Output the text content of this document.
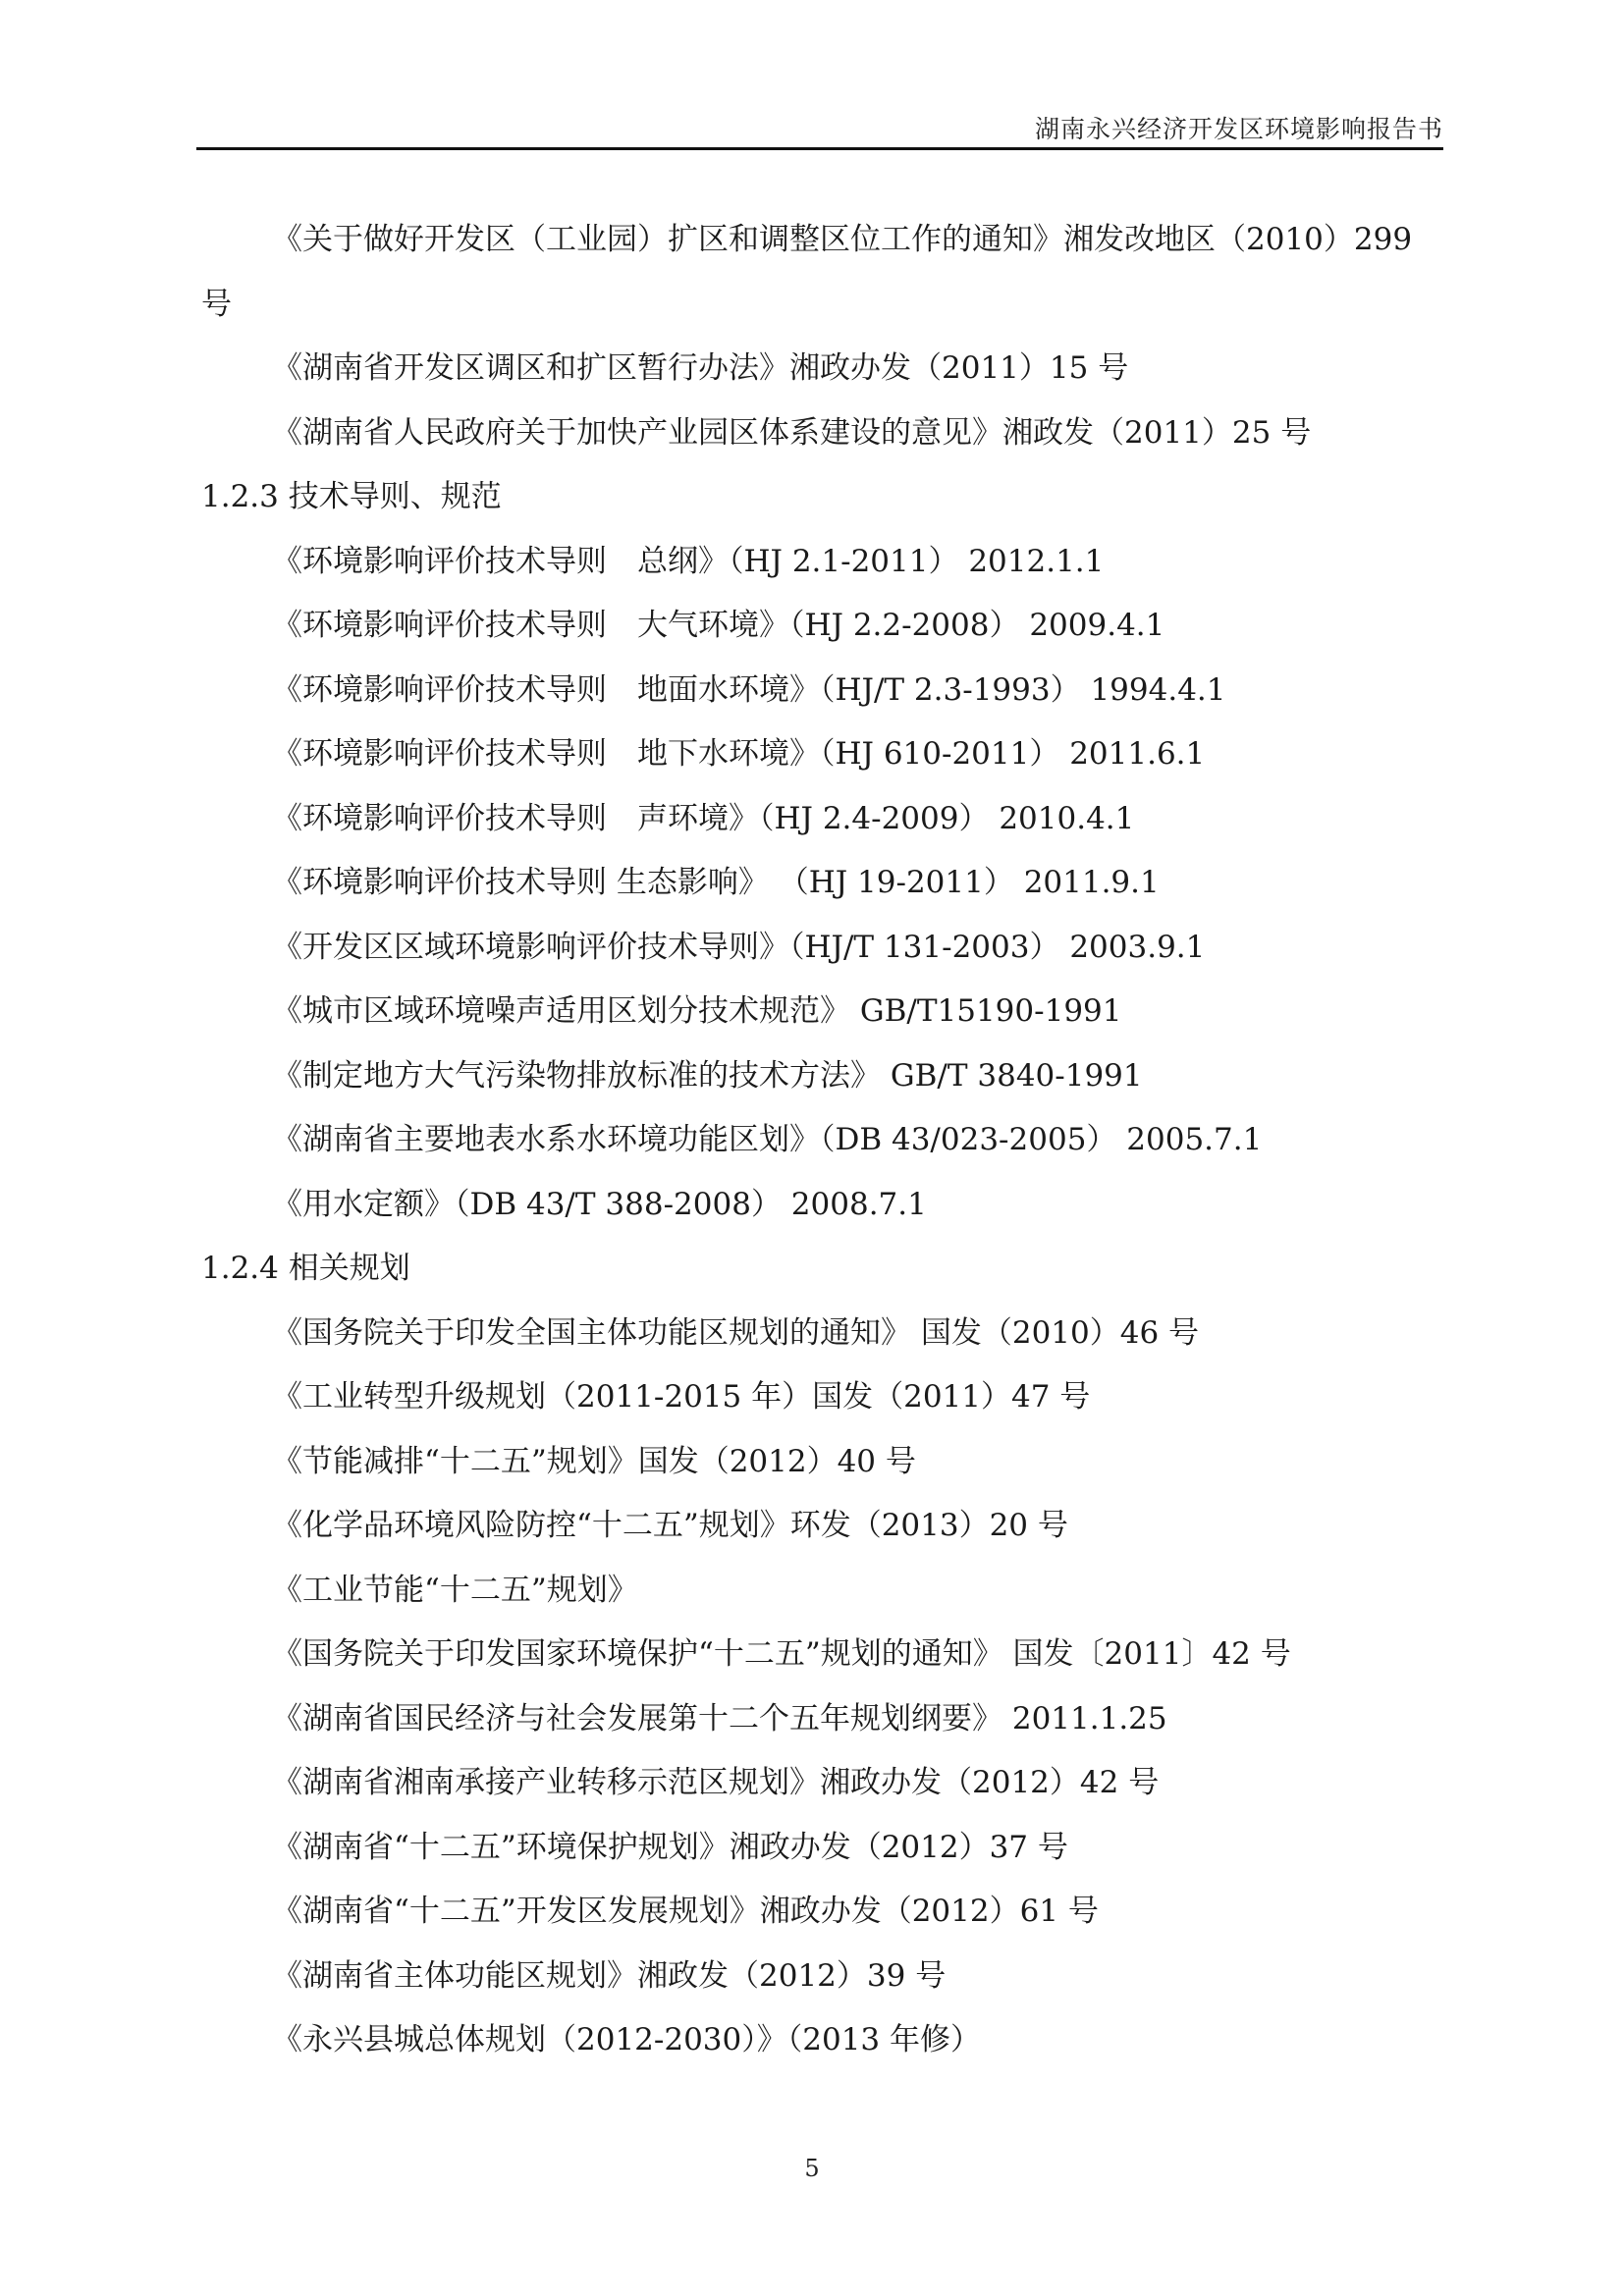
湖南永兴经济开发区环境影响报告书
《关于做好开发区（工业园）扩区和调整区位工作的通知》湘发改地区（2010）299
号
《湖南省开发区调区和扩区暂行办法》湘政办发（2011）15 号
《湖南省人民政府关于加快产业园区体系建设的意见》湘政发（2011）25 号
1.2.3 技术导则、规范
《环境影响评价技术导则　总纲》（HJ 2.1-2011） 2012.1.1
《环境影响评价技术导则　大气环境》（HJ 2.2-2008） 2009.4.1
《环境影响评价技术导则　地面水环境》（HJ/T 2.3-1993） 1994.4.1
《环境影响评价技术导则　地下水环境》（HJ 610-2011） 2011.6.1
《环境影响评价技术导则　声环境》（HJ 2.4-2009） 2010.4.1
《环境影响评价技术导则 生态影响》 （HJ 19-2011） 2011.9.1
《开发区区域环境影响评价技术导则》（HJ/T 131-2003） 2003.9.1
《城市区域环境噪声适用区划分技术规范》 GB/T15190-1991
《制定地方大气污染物排放标准的技术方法》 GB/T 3840-1991
《湖南省主要地表水系水环境功能区划》（DB 43/023-2005） 2005.7.1
《用水定额》（DB 43/T 388-2008） 2008.7.1
1.2.4 相关规划
《国务院关于印发全国主体功能区规划的通知》 国发（2010）46 号
《工业转型升级规划（2011-2015 年）国发（2011）47 号
《节能减排“十二五”规划》国发（2012）40 号
《化学品环境风险防控“十二五”规划》环发（2013）20 号
《工业节能“十二五”规划》
《国务院关于印发国家环境保护“十二五”规划的通知》 国发〔2011〕42 号
《湖南省国民经济与社会发展第十二个五年规划纲要》 2011.1.25
《湖南省湘南承接产业转移示范区规划》湘政办发（2012）42 号
《湖南省“十二五”环境保护规划》湘政办发（2012）37 号
《湖南省“十二五”开发区发展规划》湘政办发（2012）61 号
《湖南省主体功能区规划》湘政发（2012）39 号
《永兴县城总体规划（2012-2030）》（2013 年修）
5
